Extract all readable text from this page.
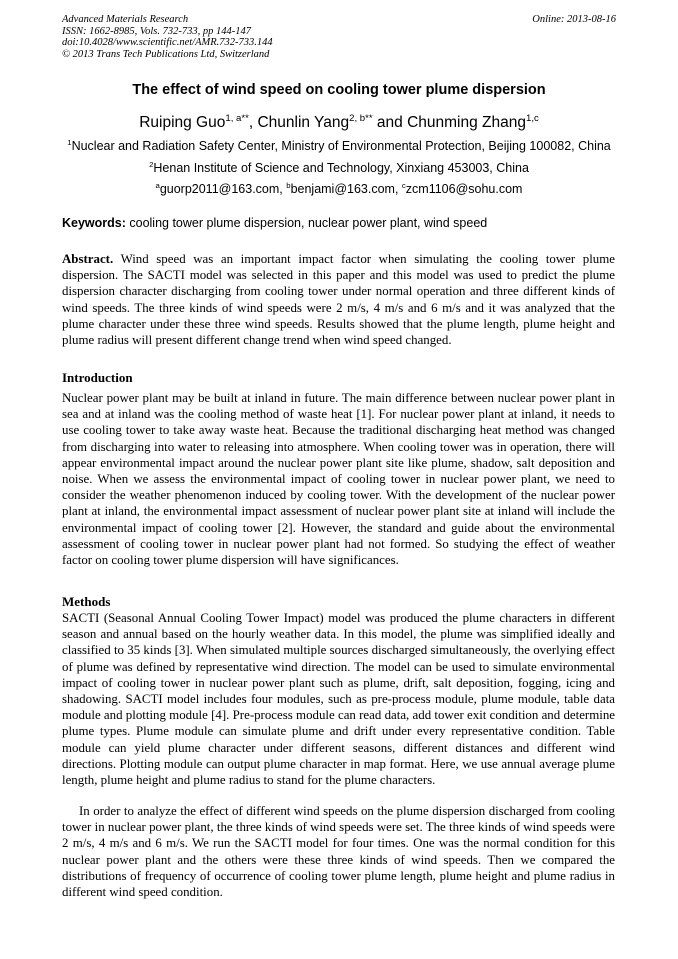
Advanced Materials Research
ISSN: 1662-8985, Vols. 732-733, pp 144-147
doi:10.4028/www.scientific.net/AMR.732-733.144
© 2013 Trans Tech Publications Ltd, Switzerland
Online: 2013-08-16
The effect of wind speed on cooling tower plume dispersion
Ruiping Guo$^{1, a**}$, Chunlin Yang$^{2, b**}$ and Chunming Zhang$^{1,c}$
$^1$Nuclear and Radiation Safety Center, Ministry of Environmental Protection, Beijing 100082, China
$^2$Henan Institute of Science and Technology, Xinxiang 453003, China
$^a$guorp2011@163.com, $^b$benjami@163.com, $^c$zcm1106@sohu.com
Keywords: cooling tower plume dispersion, nuclear power plant, wind speed
Abstract. Wind speed was an important impact factor when simulating the cooling tower plume dispersion. The SACTI model was selected in this paper and this model was used to predict the plume dispersion character discharging from cooling tower under normal operation and three different kinds of wind speeds. The three kinds of wind speeds were 2 m/s, 4 m/s and 6 m/s and it was analyzed that the plume character under these three wind speeds. Results showed that the plume length, plume height and plume radius will present different change trend when wind speed changed.
Introduction
Nuclear power plant may be built at inland in future. The main difference between nuclear power plant in sea and at inland was the cooling method of waste heat [1]. For nuclear power plant at inland, it needs to use cooling tower to take away waste heat. Because the traditional discharging heat method was changed from discharging into water to releasing into atmosphere. When cooling tower was in operation, there will appear environmental impact around the nuclear power plant site like plume, shadow, salt deposition and noise. When we assess the environmental impact of cooling tower in nuclear power plant, we need to consider the weather phenomenon induced by cooling tower. With the development of the nuclear power plant at inland, the environmental impact assessment of nuclear power plant site at inland will include the environmental impact of cooling tower [2]. However, the standard and guide about the environmental assessment of cooling tower in nuclear power plant had not formed. So studying the effect of weather factor on cooling tower plume dispersion will have significances.
Methods
SACTI (Seasonal Annual Cooling Tower Impact) model was produced the plume characters in different season and annual based on the hourly weather data. In this model, the plume was simplified ideally and classified to 35 kinds [3]. When simulated multiple sources discharged simultaneously, the overlying effect of plume was defined by representative wind direction. The model can be used to simulate environmental impact of cooling tower in nuclear power plant such as plume, drift, salt deposition, fogging, icing and shadowing. SACTI model includes four modules, such as pre-process module, plume module, table data module and plotting module [4]. Pre-process module can read data, add tower exit condition and determine plume types. Plume module can simulate plume and drift under every representative condition. Table module can yield plume character under different seasons, different distances and different wind directions. Plotting module can output plume character in map format. Here, we use annual average plume length, plume height and plume radius to stand for the plume characters.
In order to analyze the effect of different wind speeds on the plume dispersion discharged from cooling tower in nuclear power plant, the three kinds of wind speeds were set. The three kinds of wind speeds were 2 m/s, 4 m/s and 6 m/s. We run the SACTI model for four times. One was the normal condition for this nuclear power plant and the others were these three kinds of wind speeds. Then we compared the distributions of frequency of occurrence of cooling tower plume length, plume height and plume radius in different wind speed condition.
